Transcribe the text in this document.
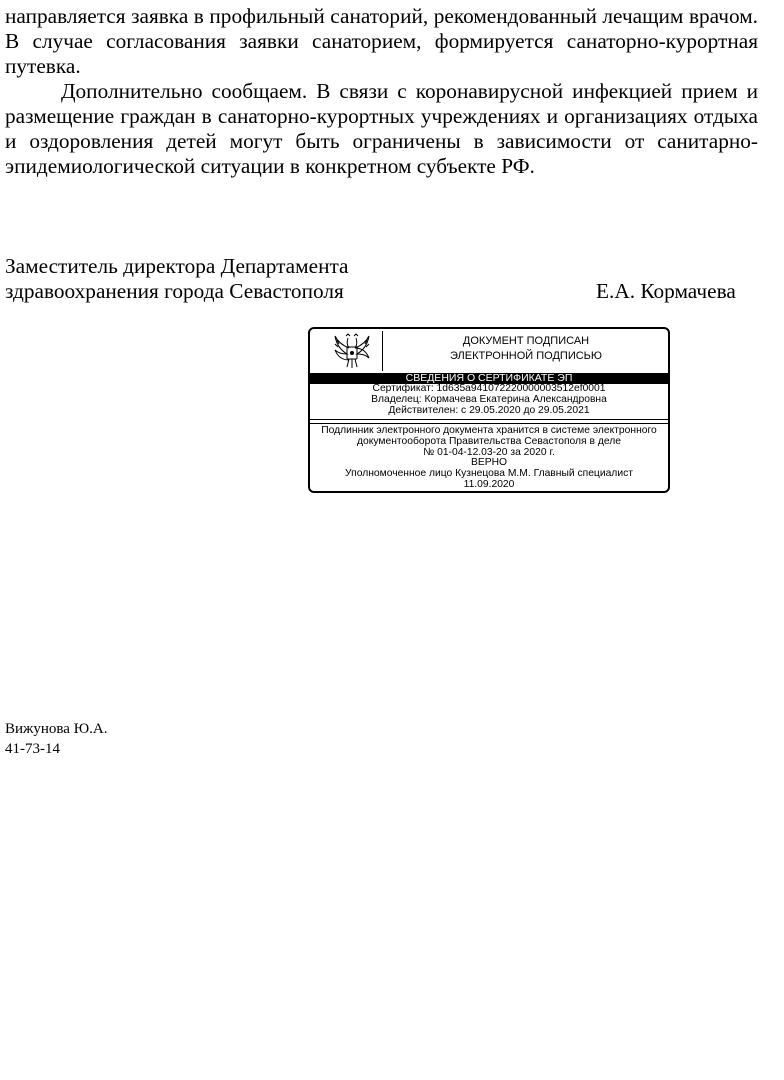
направляется заявка в профильный санаторий, рекомендованный лечащим врачом. В случае согласования заявки санаторием, формируется санаторно-курортная путевка.

Дополнительно сообщаем. В связи с коронавирусной инфекцией прием и размещение граждан в санаторно-курортных учреждениях и организациях отдыха и оздоровления детей могут быть ограничены в зависимости от санитарно-эпидемиологической ситуации в конкретном субъекте РФ.

Заместитель директора Департамента
здравоохранения города Севастополя	Е.А. Кормачева
ДОКУМЕНТ ПОДПИСАН
ЭЛЕКТРОННОЙ ПОДПИСЬЮ
СВЕДЕНИЯ О СЕРТИФИКАТЕ ЭП
Сертификат: 1d635a941072220000003512ef0001
Владелец: Кормачева Екатерина Александровна
Действителен: с 29.05.2020 до 29.05.2021
Подлинник электронного документа хранится в системе электронного
документооборота Правительства Севастополя в деле
№ 01-04-12.03-20 за 2020 г.
ВЕРНО
Уполномоченное лицо Кузнецова М.М. Главный специалист
11.09.2020
Вижунова Ю.А.
41-73-14
